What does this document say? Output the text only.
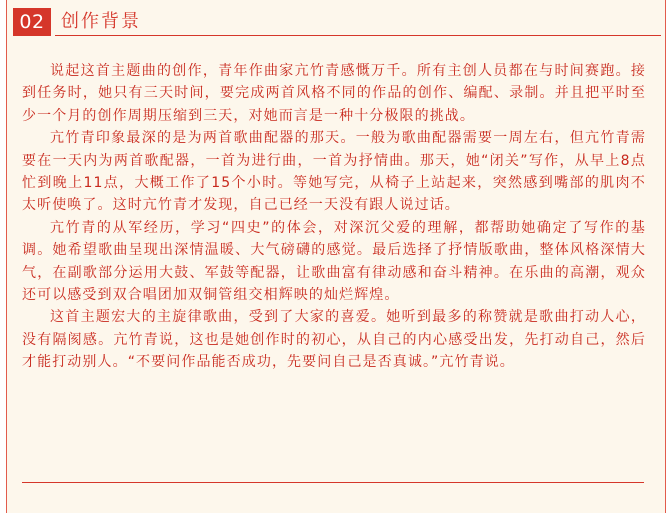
02 创作背景

说起这首主题曲的创作，青年作曲家亢竹青感慨万千。所有主创人员都在与时间赛跑。接到任务时，她只有三天时间，要完成两首风格不同的作品的创作、编配、录制。并且把平时至少一个月的创作周期压缩到三天，对她而言是一种十分极限的挑战。

亢竹青印象最深的是为两首歌曲配器的那天。一般为歌曲配器需要一周左右，但亢竹青需要在一天内为两首歌配器，一首为进行曲，一首为抒情曲。那天，她“闭关”写作，从早上8点忙到晚上11点，大概工作了15个小时。等她写完，从椅子上站起来，突然感到嘴部的肌肉不太听使唤了。这时亢竹青才发现，自己已经一天没有跟人说过话。

亢竹青的从军经历，学习“四史”的体会，对深沉父爱的理解，都帮助她确定了写作的基调。她希望歌曲呈现出深情温暖、大气磅礴的感觉。最后选择了抒情版歌曲，整体风格深情大气，在副歌部分运用大鼓、军鼓等配器，让歌曲富有律动感和奋斗精神。在乐曲的高潮，观众还可以感受到双合唱团加双铜管组交相辉映的灿烂辉煌。

这首主题宏大的主旋律歌曲，受到了大家的喜爱。她听到最多的称赞就是歌曲打动人心，没有隔阂感。亢竹青说，这也是她创作时的初心，从自己的内心感受出发，先打动自己，然后才能打动别人。“不要问作品能否成功，先要问自己是否真诚。”亢竹青说。
